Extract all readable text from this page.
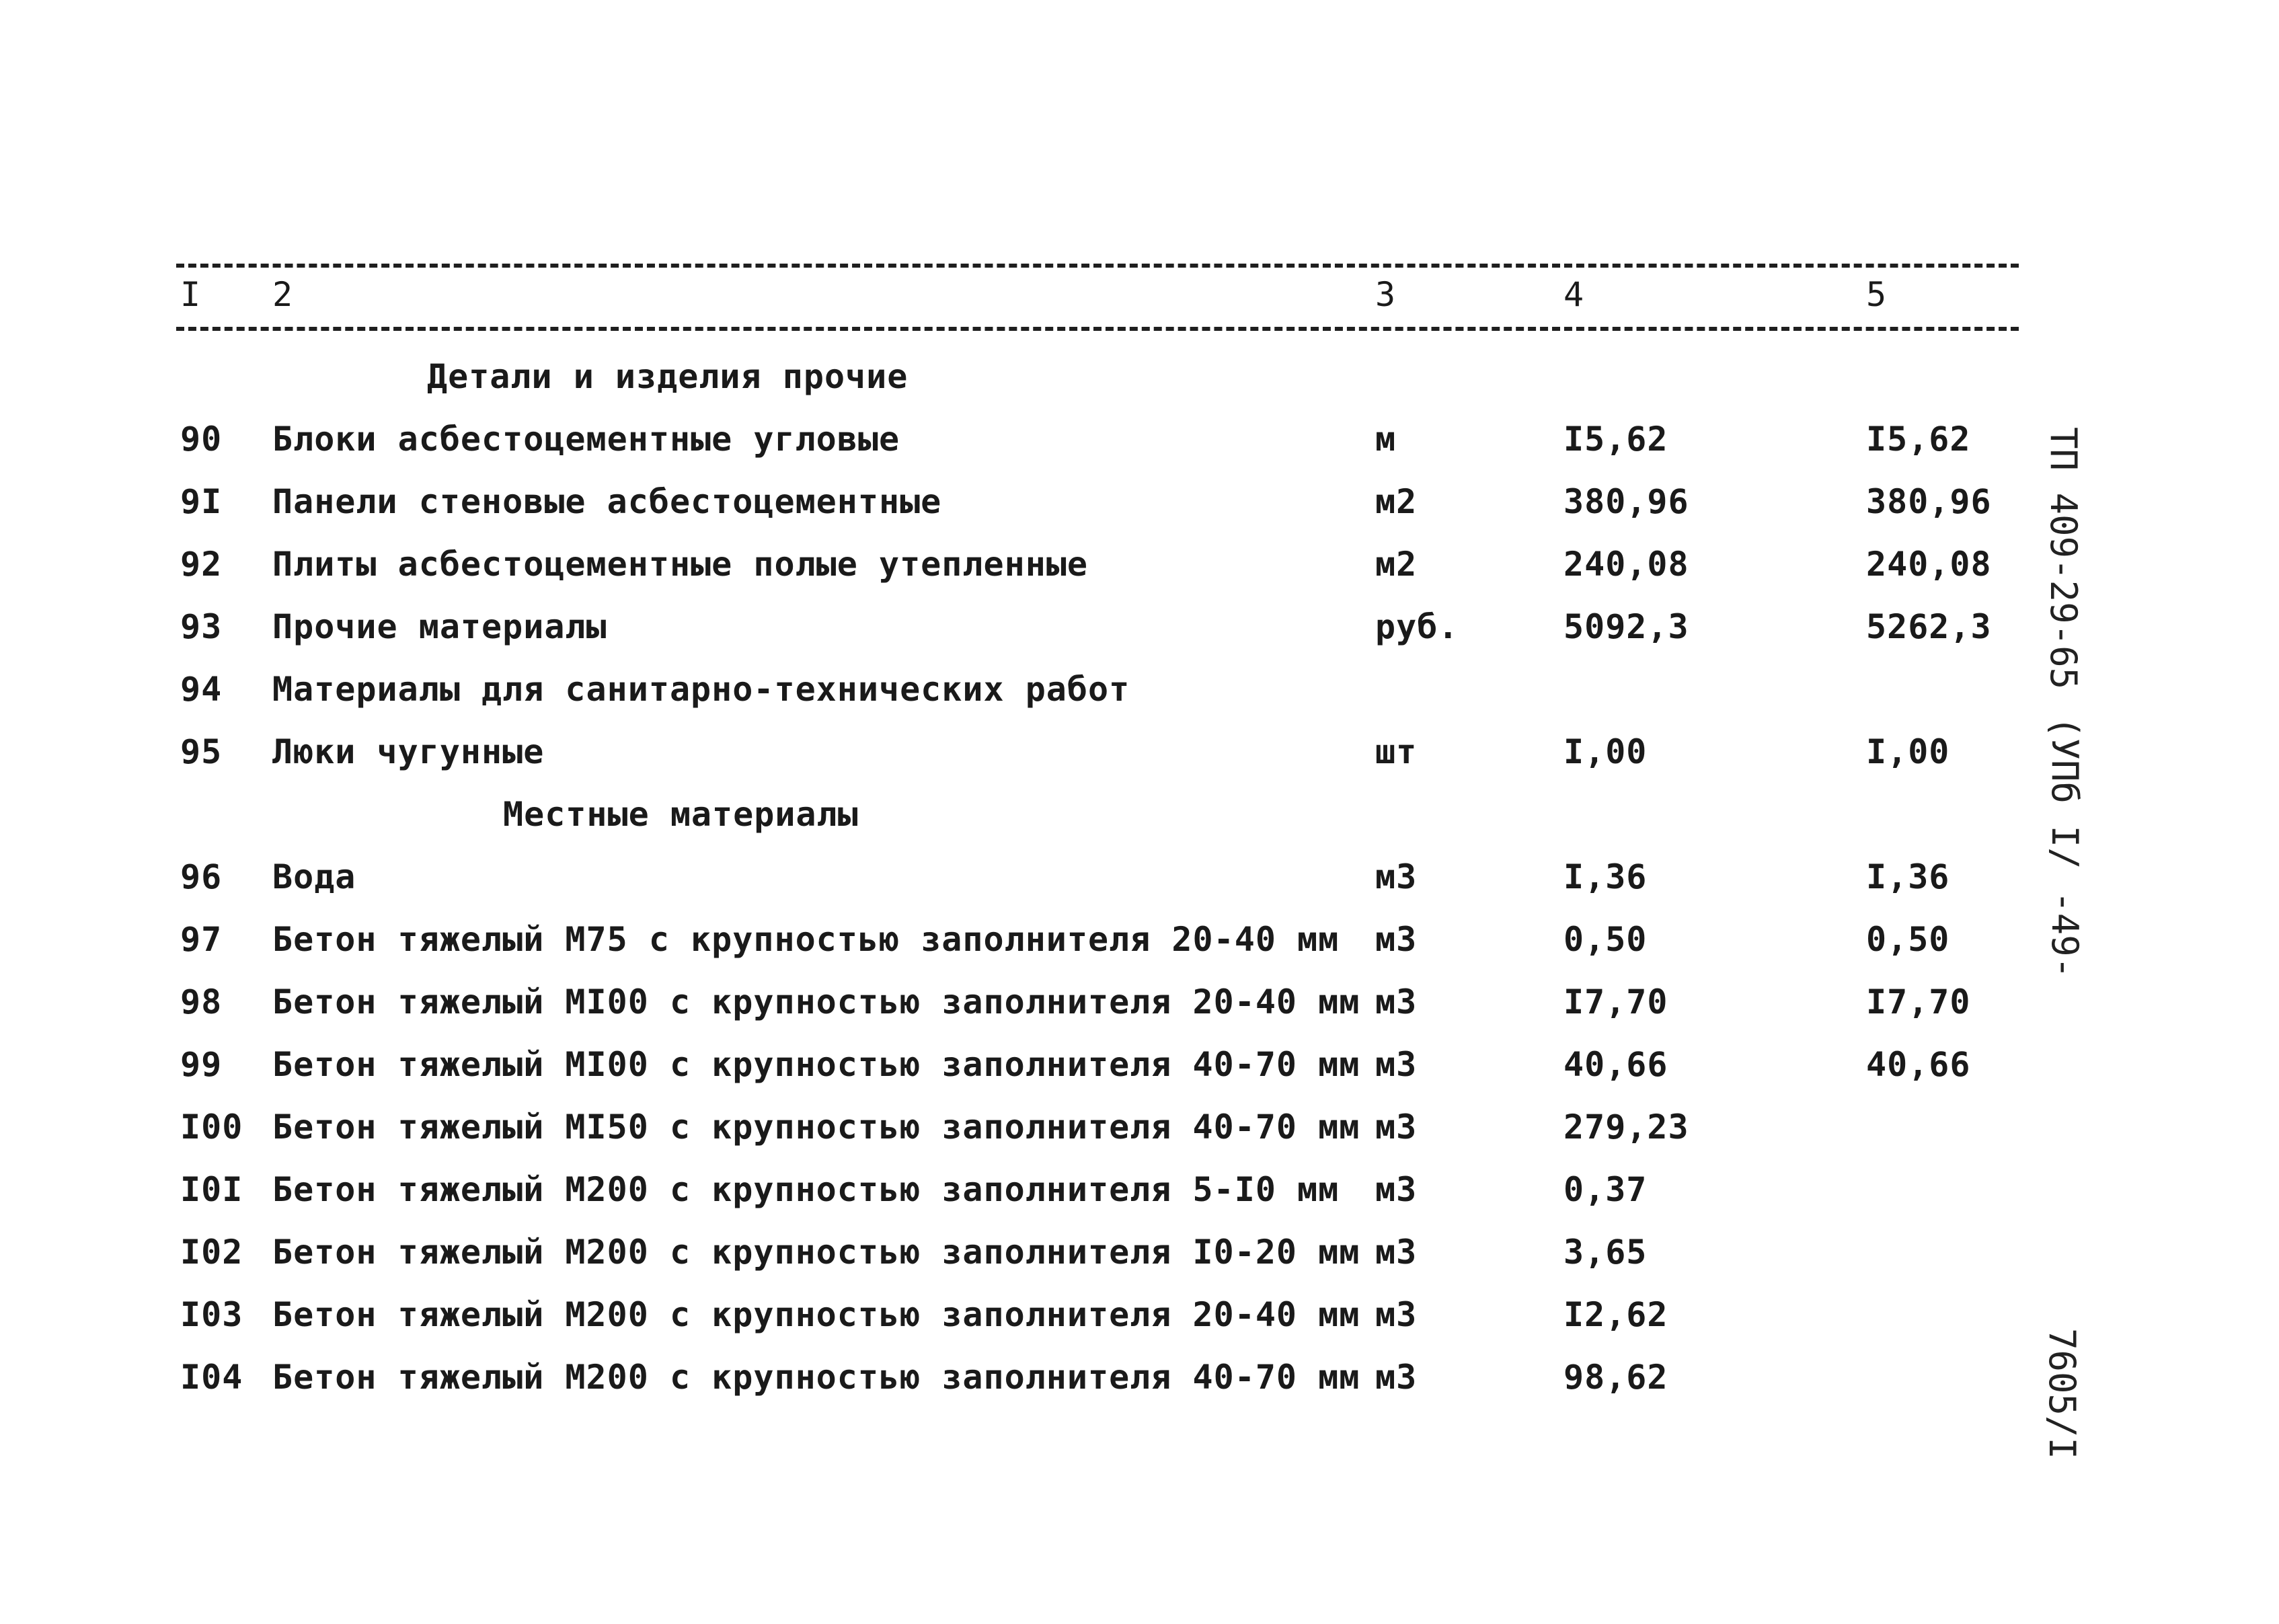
I 2	3	4	5
Детали и изделия прочие
90 Блоки асбестоцементные угловые	м	I5,62	I5,62
9I Панели стеновые асбестоцементные	м2	380,96	380,96
92 Плиты асбестоцементные полые утепленные	м2	240,08	240,08
93 Прочие материалы	руб.	5092,3	5262,3
94 Материалы для санитарно-технических работ
95 Люки чугунные	шт	I,00	I,00
Местные материалы
96 Вода	м3	I,36	I,36
97 Бетон тяжелый М75 с крупностью заполнителя 20-40 мм м3	0,50	0,50
98 Бетон тяжелый МI00 с крупностью заполнителя 20-40 мм м3	I7,70	I7,70
99 Бетон тяжелый МI00 с крупностью заполнителя 40-70 мм м3	40,66	40,66
I00 Бетон тяжелый МI50 с крупностью заполнителя 40-70 мм м3	279,23
I0I Бетон тяжелый М200 с крупностью заполнителя 5-I0 мм м3	0,37
I02 Бетон тяжелый М200 с крупностью заполнителя I0-20 мм м3	3,65
I03 Бетон тяжелый М200 с крупностью заполнителя 20-40 мм м3	I2,62
I04 Бетон тяжелый М200 с крупностью заполнителя 40-70 мм м3	98,62
ТП 409-29-65
(УПб І/ -49-
7605/І
